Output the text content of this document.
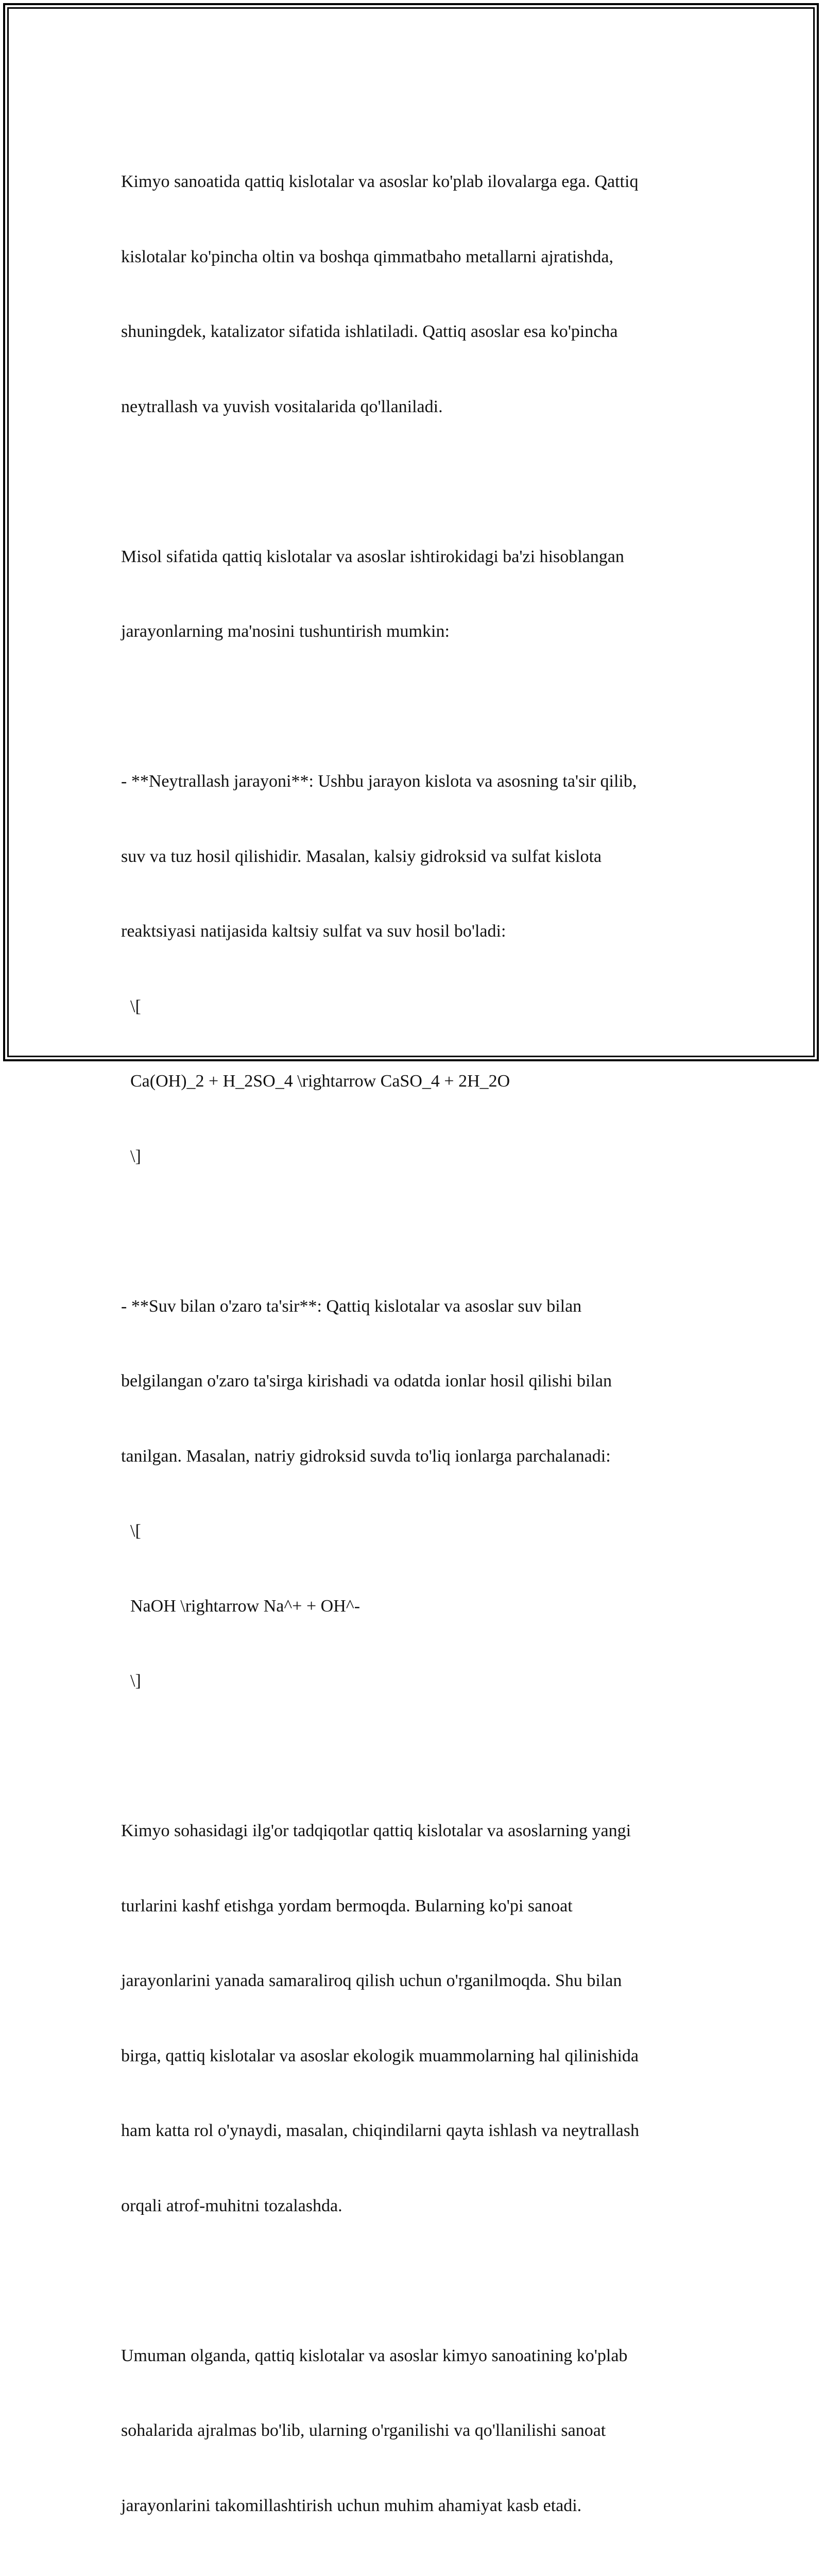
Kimyo sanoatida qattiq kislotalar va asoslar ko'plab ilovalarga ega. Qattiq

kislotalar ko'pincha oltin va boshqa qimmatbaho metallarni ajratishda,

shuningdek, katalizator sifatida ishlatiladi. Qattiq asoslar esa ko'pincha

neytrallash va yuvish vositalarida qo'llaniladi.

Misol sifatida qattiq kislotalar va asoslar ishtirokidagi ba'zi hisoblangan

jarayonlarning ma'nosini tushuntirish mumkin:

- **Neytrallash jarayoni**: Ushbu jarayon kislota va asosning ta'sir qilib,

suv va tuz hosil qilishidir. Masalan, kalsiy gidroksid va sulfat kislota

reaktsiyasi natijasida kaltsiy sulfat va suv hosil bo'ladi:

\[

Ca(OH)_2 + H_2SO_4 \rightarrow CaSO_4 + 2H_2O

\]

- **Suv bilan o'zaro ta'sir**: Qattiq kislotalar va asoslar suv bilan

belgilangan o'zaro ta'sirga kirishadi va odatda ionlar hosil qilishi bilan

tanilgan. Masalan, natriy gidroksid suvda to'liq ionlarga parchalanadi:

\[

NaOH \rightarrow Na^+ + OH^-

\]

Kimyo sohasidagi ilg'or tadqiqotlar qattiq kislotalar va asoslarning yangi

turlarini kashf etishga yordam bermoqda. Bularning ko'pi sanoat

jarayonlarini yanada samaraliroq qilish uchun o'rganilmoqda. Shu bilan

birga, qattiq kislotalar va asoslar ekologik muammolarning hal qilinishida

ham katta rol o'ynaydi, masalan, chiqindilarni qayta ishlash va neytrallash

orqali atrof-muhitni tozalashda.

Umuman olganda, qattiq kislotalar va asoslar kimyo sanoatining ko'plab

sohalarida ajralmas bo'lib, ularning o'rganilishi va qo'llanilishi sanoat

jarayonlarini takomillashtirish uchun muhim ahamiyat kasb etadi.
